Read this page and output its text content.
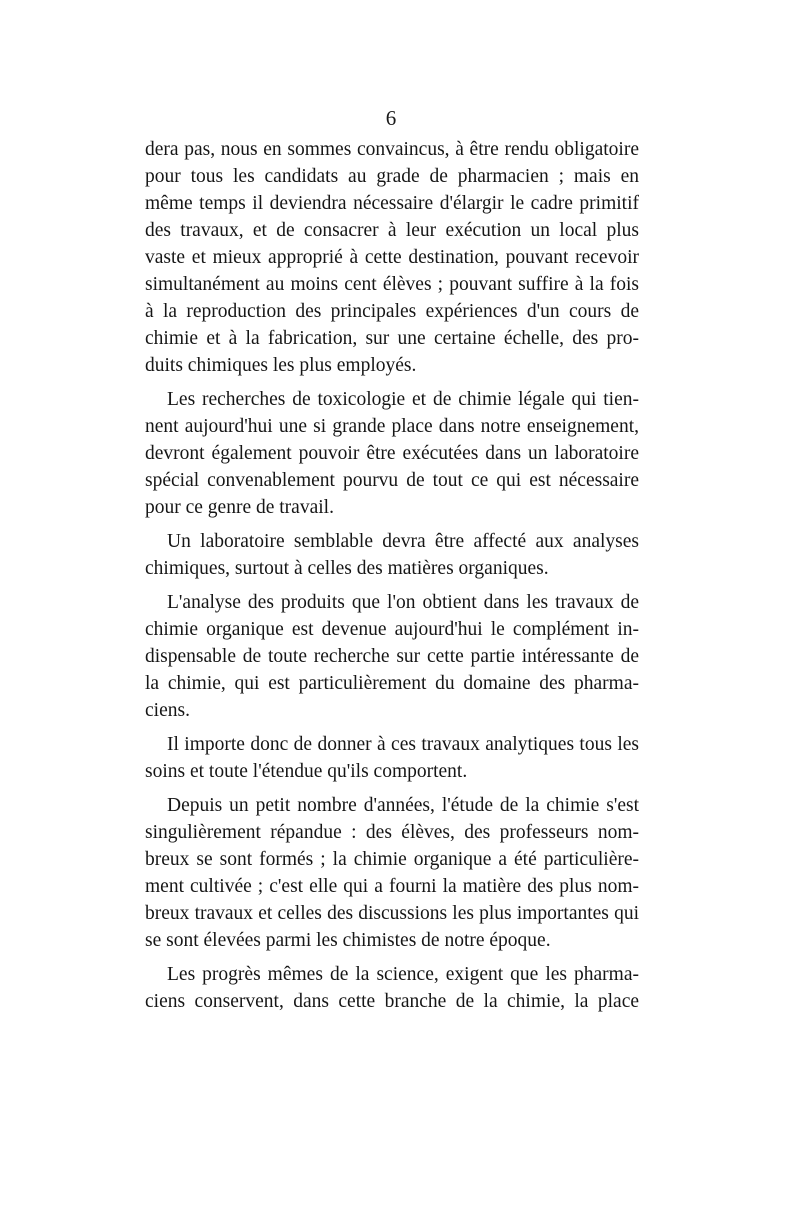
6
dera pas, nous en sommes convaincus, à être rendu obligatoire
pour tous les candidats au grade de pharmacien ; mais en
même temps il deviendra nécessaire d'élargir le cadre primitif
des travaux, et de consacrer à leur exécution un local plus
vaste et mieux approprié à cette destination, pouvant recevoir
simultanément au moins cent élèves ; pouvant suffire à la fois
à la reproduction des principales expériences d'un cours de
chimie et à la fabrication, sur une certaine échelle, des pro-
duits chimiques les plus employés.
Les recherches de toxicologie et de chimie légale qui tien-
nent aujourd'hui une si grande place dans notre enseignement,
devront également pouvoir être exécutées dans un laboratoire
spécial convenablement pourvu de tout ce qui est nécessaire
pour ce genre de travail.
Un laboratoire semblable devra être affecté aux analyses
chimiques, surtout à celles des matières organiques.
L'analyse des produits que l'on obtient dans les travaux de
chimie organique est devenue aujourd'hui le complément in-
dispensable de toute recherche sur cette partie intéressante de
la chimie, qui est particulièrement du domaine des pharma-
ciens.
Il importe donc de donner à ces travaux analytiques tous les
soins et toute l'étendue qu'ils comportent.
Depuis un petit nombre d'années, l'étude de la chimie s'est
singulièrement répandue : des élèves, des professeurs nom-
breux se sont formés ; la chimie organique a été particulière-
ment cultivée ; c'est elle qui a fourni la matière des plus nom-
breux travaux et celles des discussions les plus importantes qui
se sont élevées parmi les chimistes de notre époque.
Les progrès mêmes de la science, exigent que les pharma-
ciens conservent, dans cette branche de la chimie, la place
